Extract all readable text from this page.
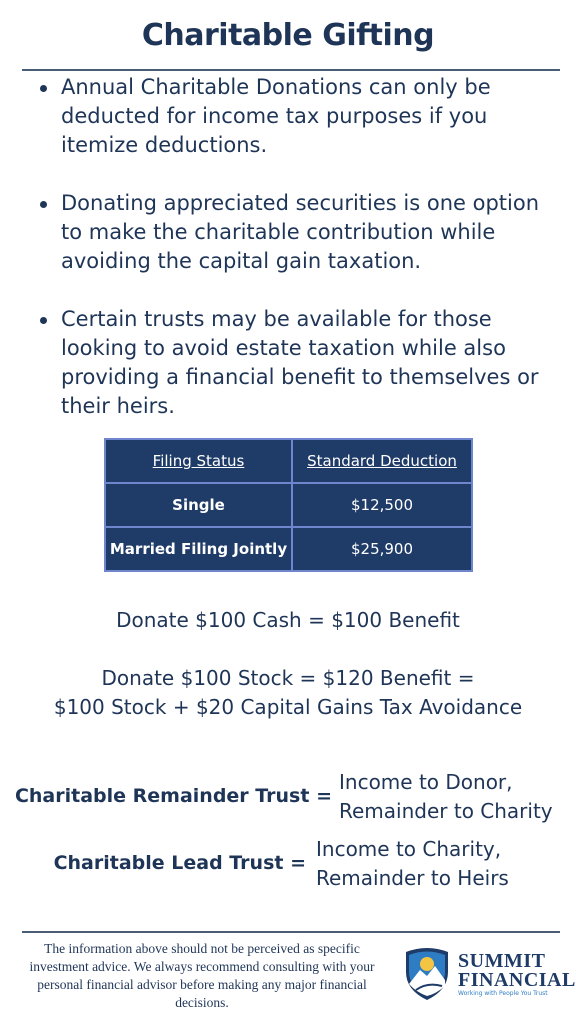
Charitable Gifting
Annual Charitable Donations can only be deducted for income tax purposes if you itemize deductions.
Donating appreciated securities is one option to make the charitable contribution while avoiding the capital gain taxation.
Certain trusts may be available for those looking to avoid estate taxation while also providing a financial benefit to themselves or their heirs.
Filing Status	Standard Deduction
Single	$12,500
Married Filing Jointly	$25,900
Donate $100 Cash = $100 Benefit
Donate $100 Stock = $120 Benefit =
$100 Stock + $20 Capital Gains Tax Avoidance
Charitable Remainder Trust =
Income to Donor,
Remainder to Charity
Charitable Lead Trust =
Income to Charity,
Remainder to Heirs
The information above should not be perceived as specific investment advice. We always recommend consulting with your personal financial advisor before making any major financial decisions.
SUMMIT
FINANCIAL
Working with People You Trust
